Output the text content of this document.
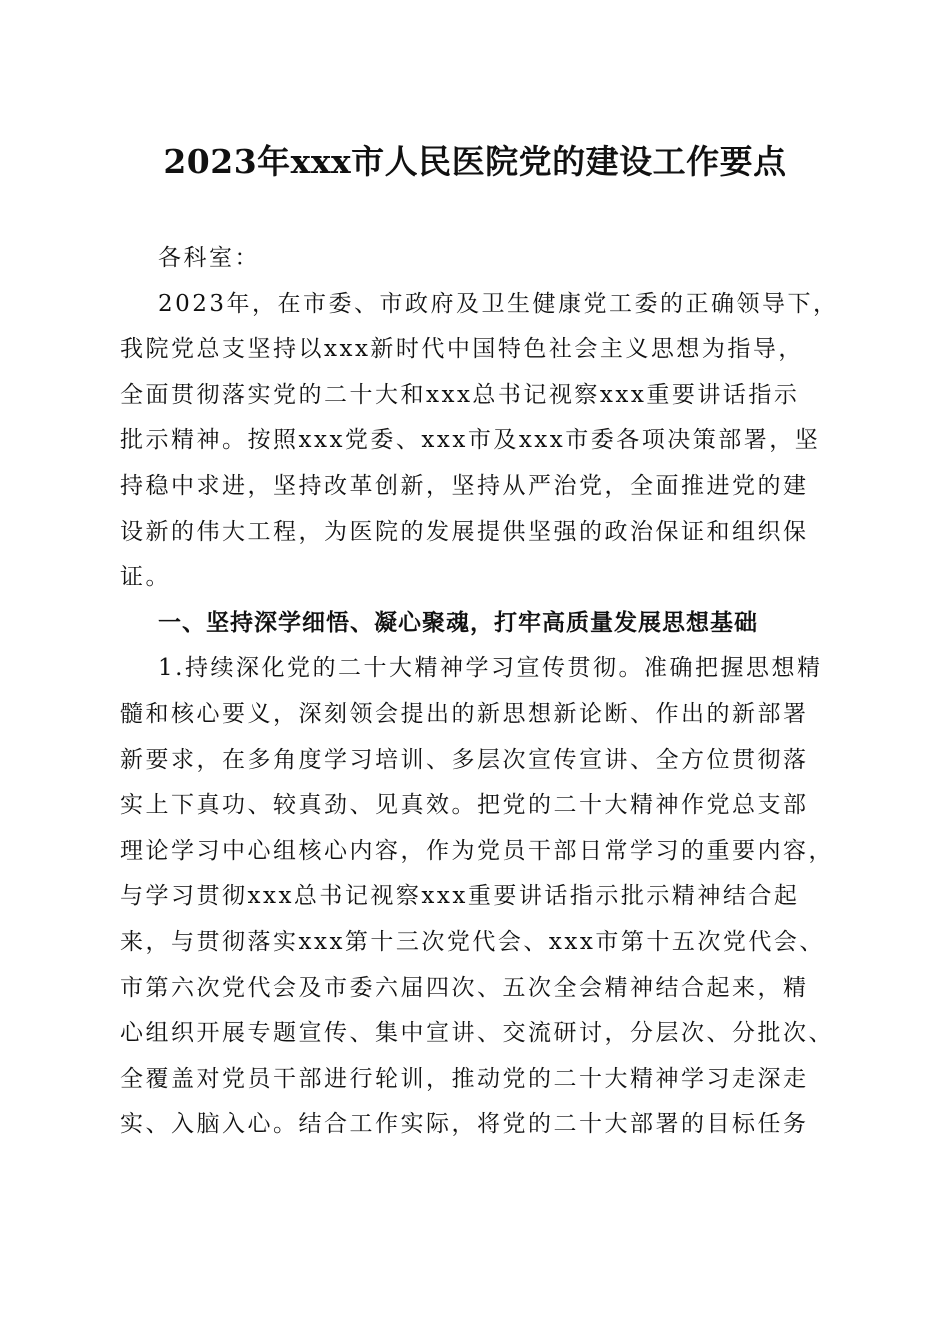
2023年xxx市人民医院党的建设工作要点
各科室：
2023年，在市委、市政府及卫生健康党工委的正确领导下，
我院党总支坚持以xxx新时代中国特色社会主义思想为指导，
全面贯彻落实党的二十大和xxx总书记视察xxx重要讲话指示
批示精神。按照xxx党委、xxx市及xxx市委各项决策部署，坚
持稳中求进，坚持改革创新，坚持从严治党，全面推进党的建
设新的伟大工程，为医院的发展提供坚强的政治保证和组织保
证。
一、坚持深学细悟、凝心聚魂，打牢高质量发展思想基础
1.持续深化党的二十大精神学习宣传贯彻。准确把握思想精
髓和核心要义，深刻领会提出的新思想新论断、作出的新部署
新要求，在多角度学习培训、多层次宣传宣讲、全方位贯彻落
实上下真功、较真劲、见真效。把党的二十大精神作党总支部
理论学习中心组核心内容，作为党员干部日常学习的重要内容，
与学习贯彻xxx总书记视察xxx重要讲话指示批示精神结合起
来，与贯彻落实xxx第十三次党代会、xxx市第十五次党代会、
市第六次党代会及市委六届四次、五次全会精神结合起来，精
心组织开展专题宣传、集中宣讲、交流研讨，分层次、分批次、
全覆盖对党员干部进行轮训，推动党的二十大精神学习走深走
实、入脑入心。结合工作实际，将党的二十大部署的目标任务
